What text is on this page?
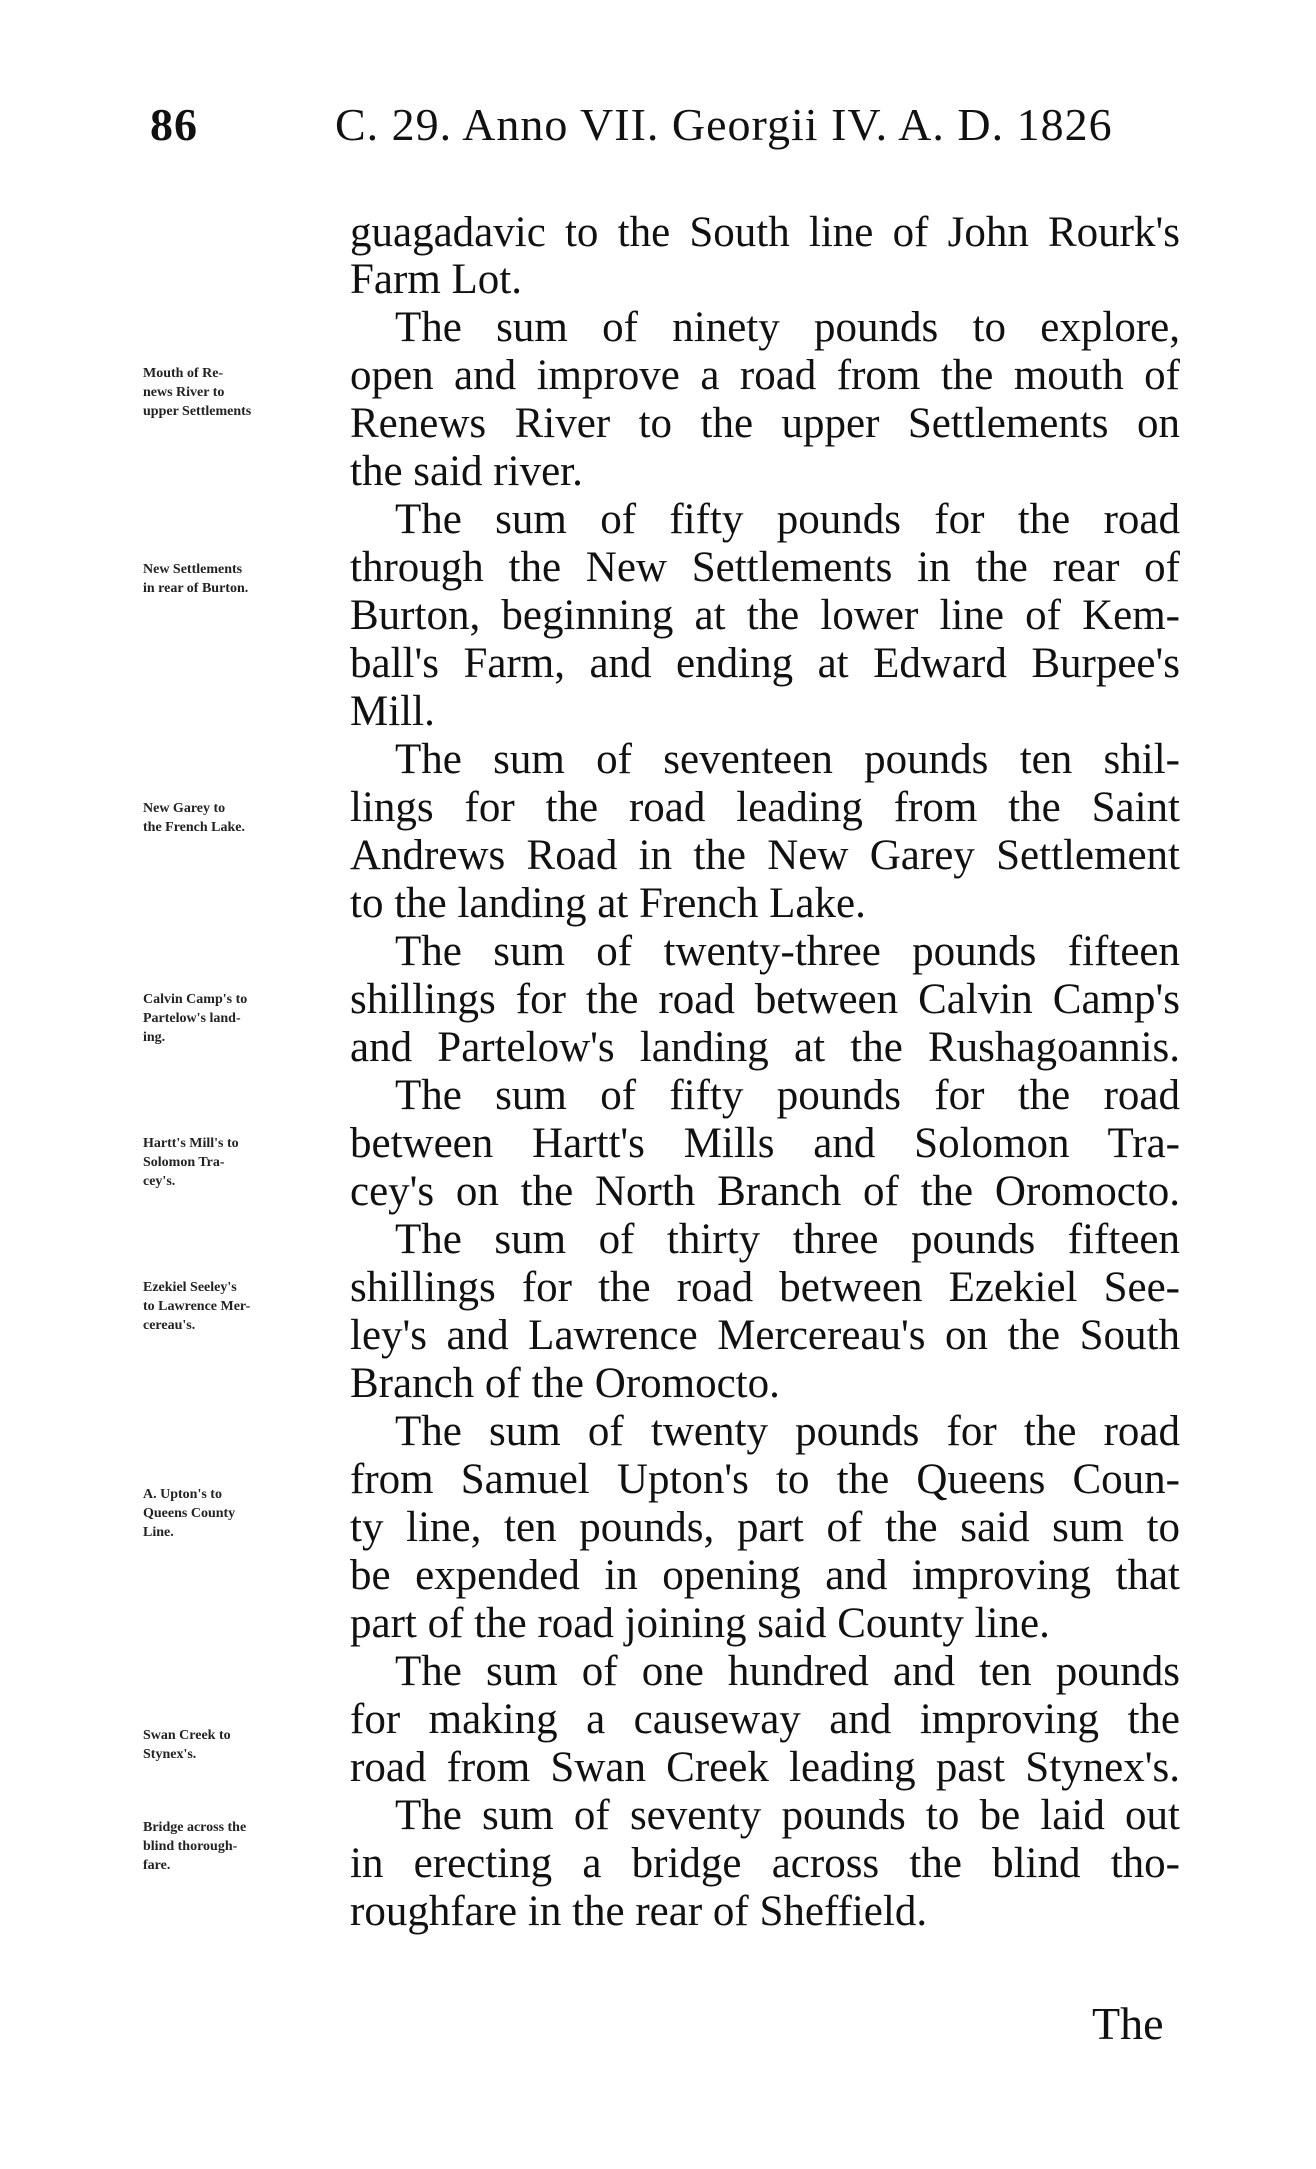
86	C. 29. Anno VII. Georgii IV. A. D. 1826
guagadavic to the South line of John Rourk's
Farm Lot.
The sum of ninety pounds to explore,
open and improve a road from the mouth of
Renews River to the upper Settlements on
the said river.
The sum of fifty pounds for the road
through the New Settlements in the rear of
Burton, beginning at the lower line of Kem-
ball's Farm, and ending at Edward Burpee's
Mill.
The sum of seventeen pounds ten shil-
lings for the road leading from the Saint
Andrews Road in the New Garey Settlement
to the landing at French Lake.
The sum of twenty-three pounds fifteen
shillings for the road between Calvin Camp's
and Partelow's landing at the Rushagoannis.
The sum of fifty pounds for the road
between Hartt's Mills and Solomon Tra-
cey's on the North Branch of the Oromocto.
The sum of thirty three pounds fifteen
shillings for the road between Ezekiel See-
ley's and Lawrence Mercereau's on the South
Branch of the Oromocto.
The sum of twenty pounds for the road
from Samuel Upton's to the Queens Coun-
ty line, ten pounds, part of the said sum to
be expended in opening and improving that
part of the road joining said County line.
The sum of one hundred and ten pounds
for making a causeway and improving the
road from Swan Creek leading past Stynex's.
The sum of seventy pounds to be laid out
in erecting a bridge across the blind tho-
roughfare in the rear of Sheffield.
Mouth of Re-
news River to
upper Settlements
New Settlements
in rear of Burton.
New Garey to
the French Lake.
Calvin Camp's to
Partelow's land-
ing.
Hartt's Mill's to
Solomon Tra-
cey's.
Ezekiel Seeley's
to Lawrence Mer-
cereau's.
A. Upton's to
Queens County
Line.
Swan Creek to
Stynex's.
Bridge across the
blind thorough-
fare.
The
